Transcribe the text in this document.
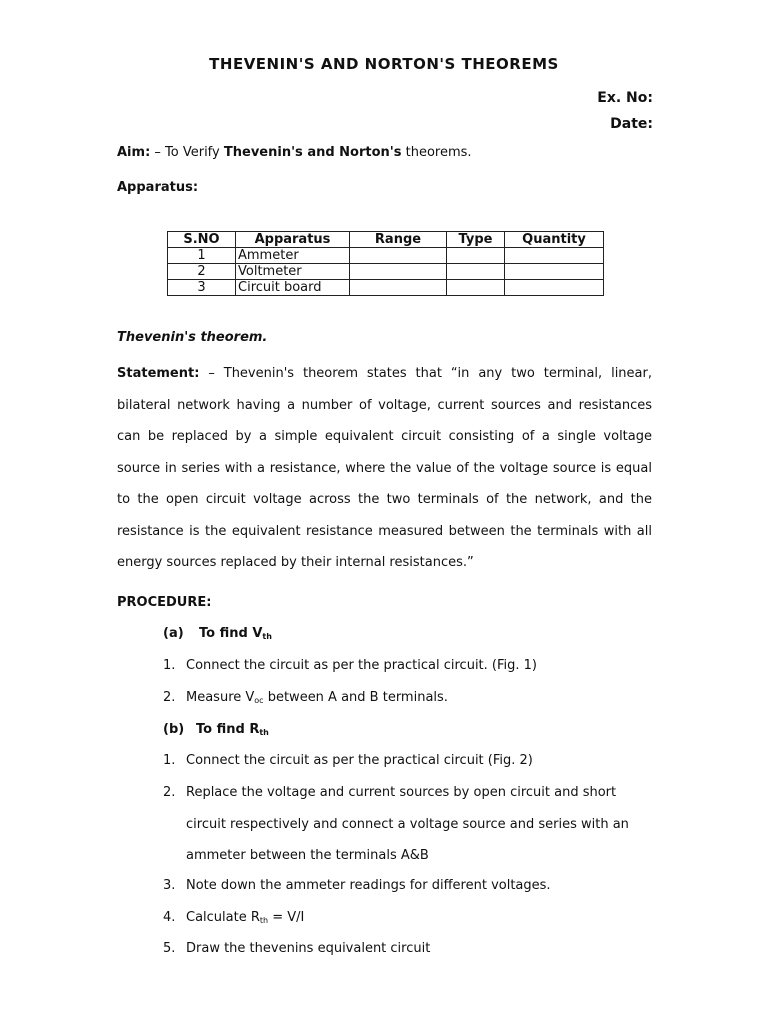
THEVENIN'S AND NORTON'S THEOREMS
Ex. No:
Date:
Aim: – To Verify Thevenin's and Norton's theorems.
Apparatus:
S.NO	Apparatus	Range	Type	Quantity
1	Ammeter			
2	Voltmeter			
3	Circuit board			
Thevenin's theorem.

Statement: – Thevenin's theorem states that “in any two terminal, linear, bilateral network having a number of voltage, current sources and resistances can be replaced by a simple equivalent circuit consisting of a single voltage source in series with a resistance, where the value of the voltage source is equal to the open circuit voltage across the two terminals of the network, and the resistance is the equivalent resistance measured between the terminals with all energy sources replaced by their internal resistances.”

PROCEDURE:
(a) To find $V_{th}$
1. Connect the circuit as per the practical circuit. (Fig. 1)
2. Measure $V_{oc}$ between A and B terminals.
(b) To find $R_{th}$
1. Connect the circuit as per the practical circuit (Fig. 2)
2. Replace the voltage and current sources by open circuit and short circuit respectively and connect a voltage source and series with an ammeter between the terminals A&B
3. Note down the ammeter readings for different voltages.
4. Calculate $R_{th} = V/I$
5. Draw the thevenins equivalent circuit
